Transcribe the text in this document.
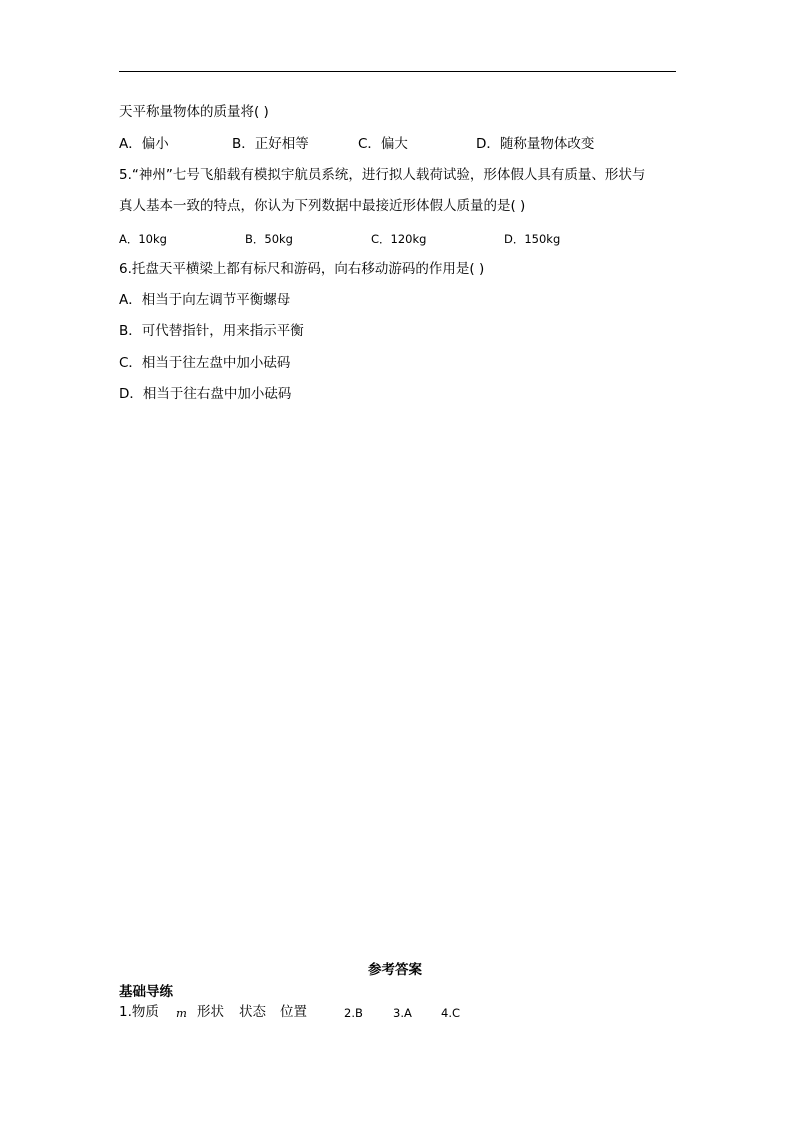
天平称量物体的质量将( )
A．偏小	B．正好相等	C．偏大	D．随称量物体改变
5.“神州”七号飞船载有模拟宇航员系统，进行拟人载荷试验，形体假人具有质量、形状与
真人基本一致的特点，你认为下列数据中最接近形体假人质量的是( )
A．10kg	B．50kg	C．120kg	D．150kg
6.托盘天平横梁上都有标尺和游码，向右移动游码的作用是( )
A．相当于向左调节平衡螺母
B．可代替指针，用来指示平衡
C．相当于往左盘中加小砝码
D．相当于往右盘中加小砝码
参考答案
基础导练
1.物质 m 形状 状态 位置	2.B	3.A	4.C
